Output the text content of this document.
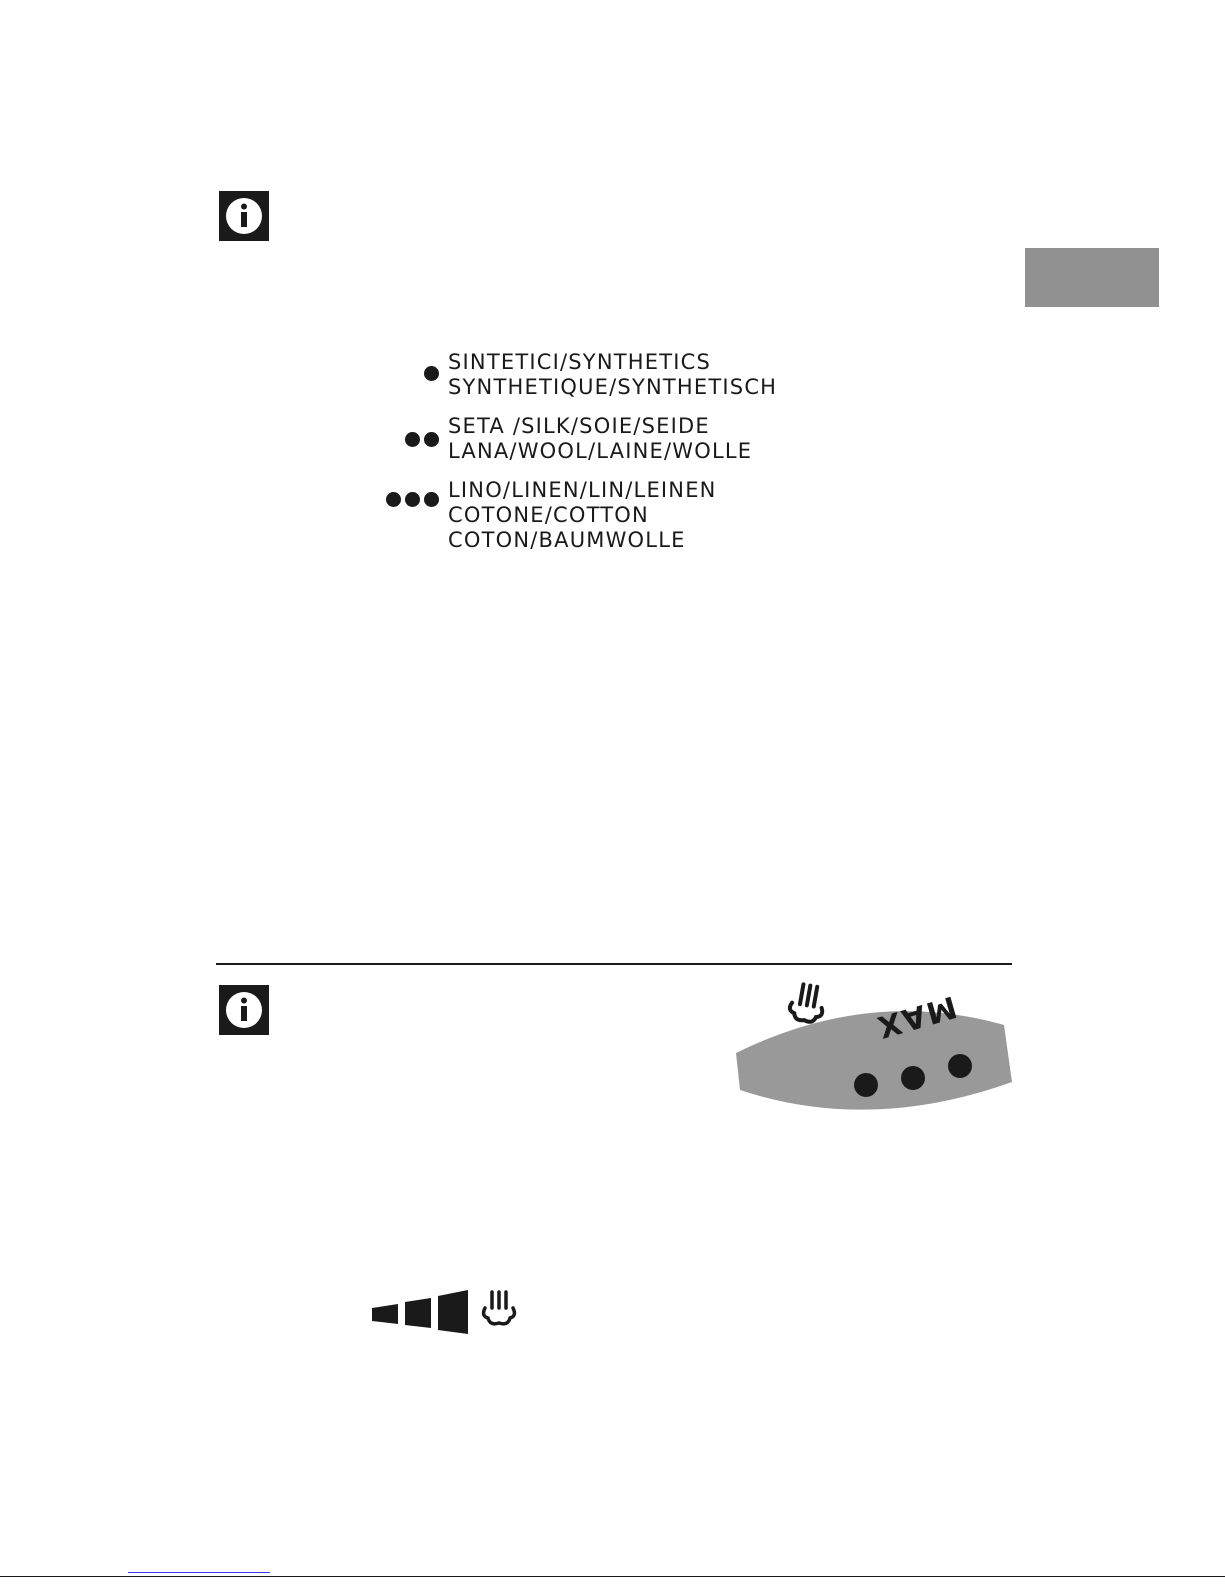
SINTETICI/SYNTHETICS
SYNTHETIQUE/SYNTHETISCH
SETA /SILK/SOIE/SEIDE
LANA/WOOL/LAINE/WOLLE
LINO/LINEN/LIN/LEINEN
COTONE/COTTON
COTON/BAUMWOLLE
MAX
